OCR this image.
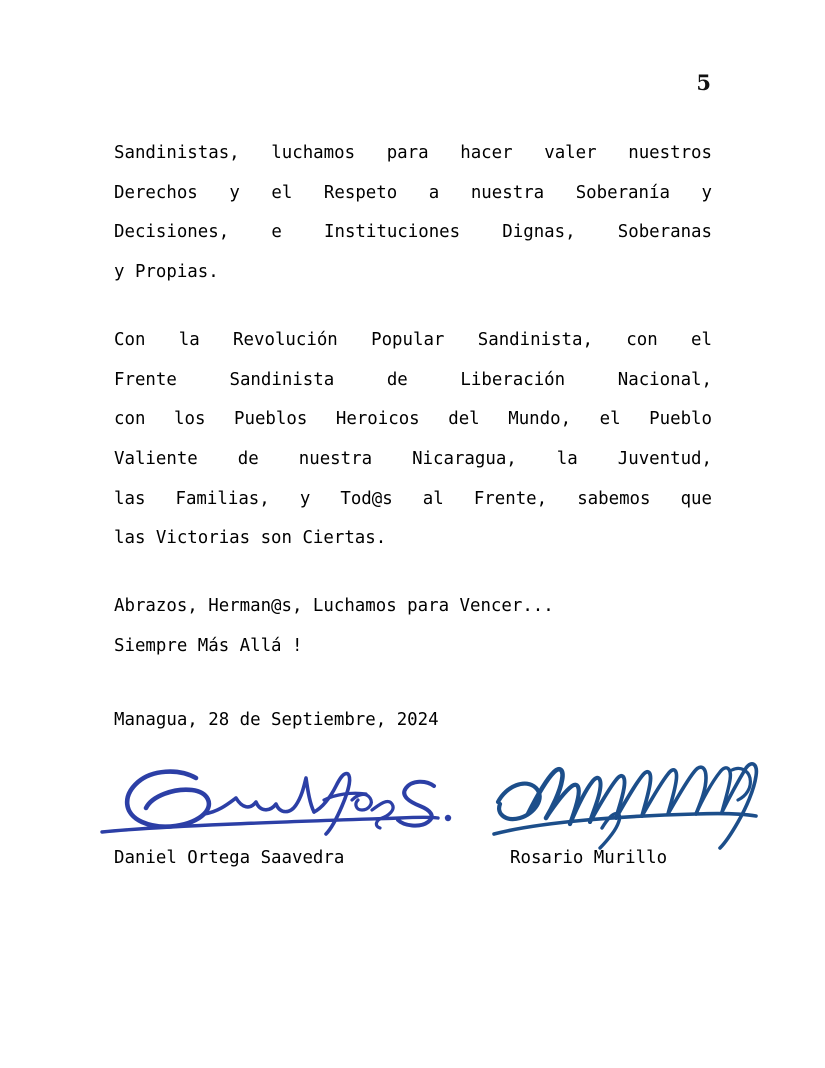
5

Sandinistas, luchamos para hacer valer nuestros
Derechos y el Respeto a nuestra Soberanía y
Decisiones, e Instituciones Dignas, Soberanas
y Propias.

Con la Revolución Popular Sandinista, con el
Frente Sandinista de Liberación Nacional,
con los Pueblos Heroicos del Mundo, el Pueblo
Valiente de nuestra Nicaragua, la Juventud,
las Familias, y Tod@s al Frente, sabemos que
las Victorias son Ciertas.

Abrazos, Herman@s, Luchamos para Vencer...
Siempre Más Allá !

Managua, 28 de Septiembre, 2024
Daniel Ortega Saavedra	Rosario Murillo
